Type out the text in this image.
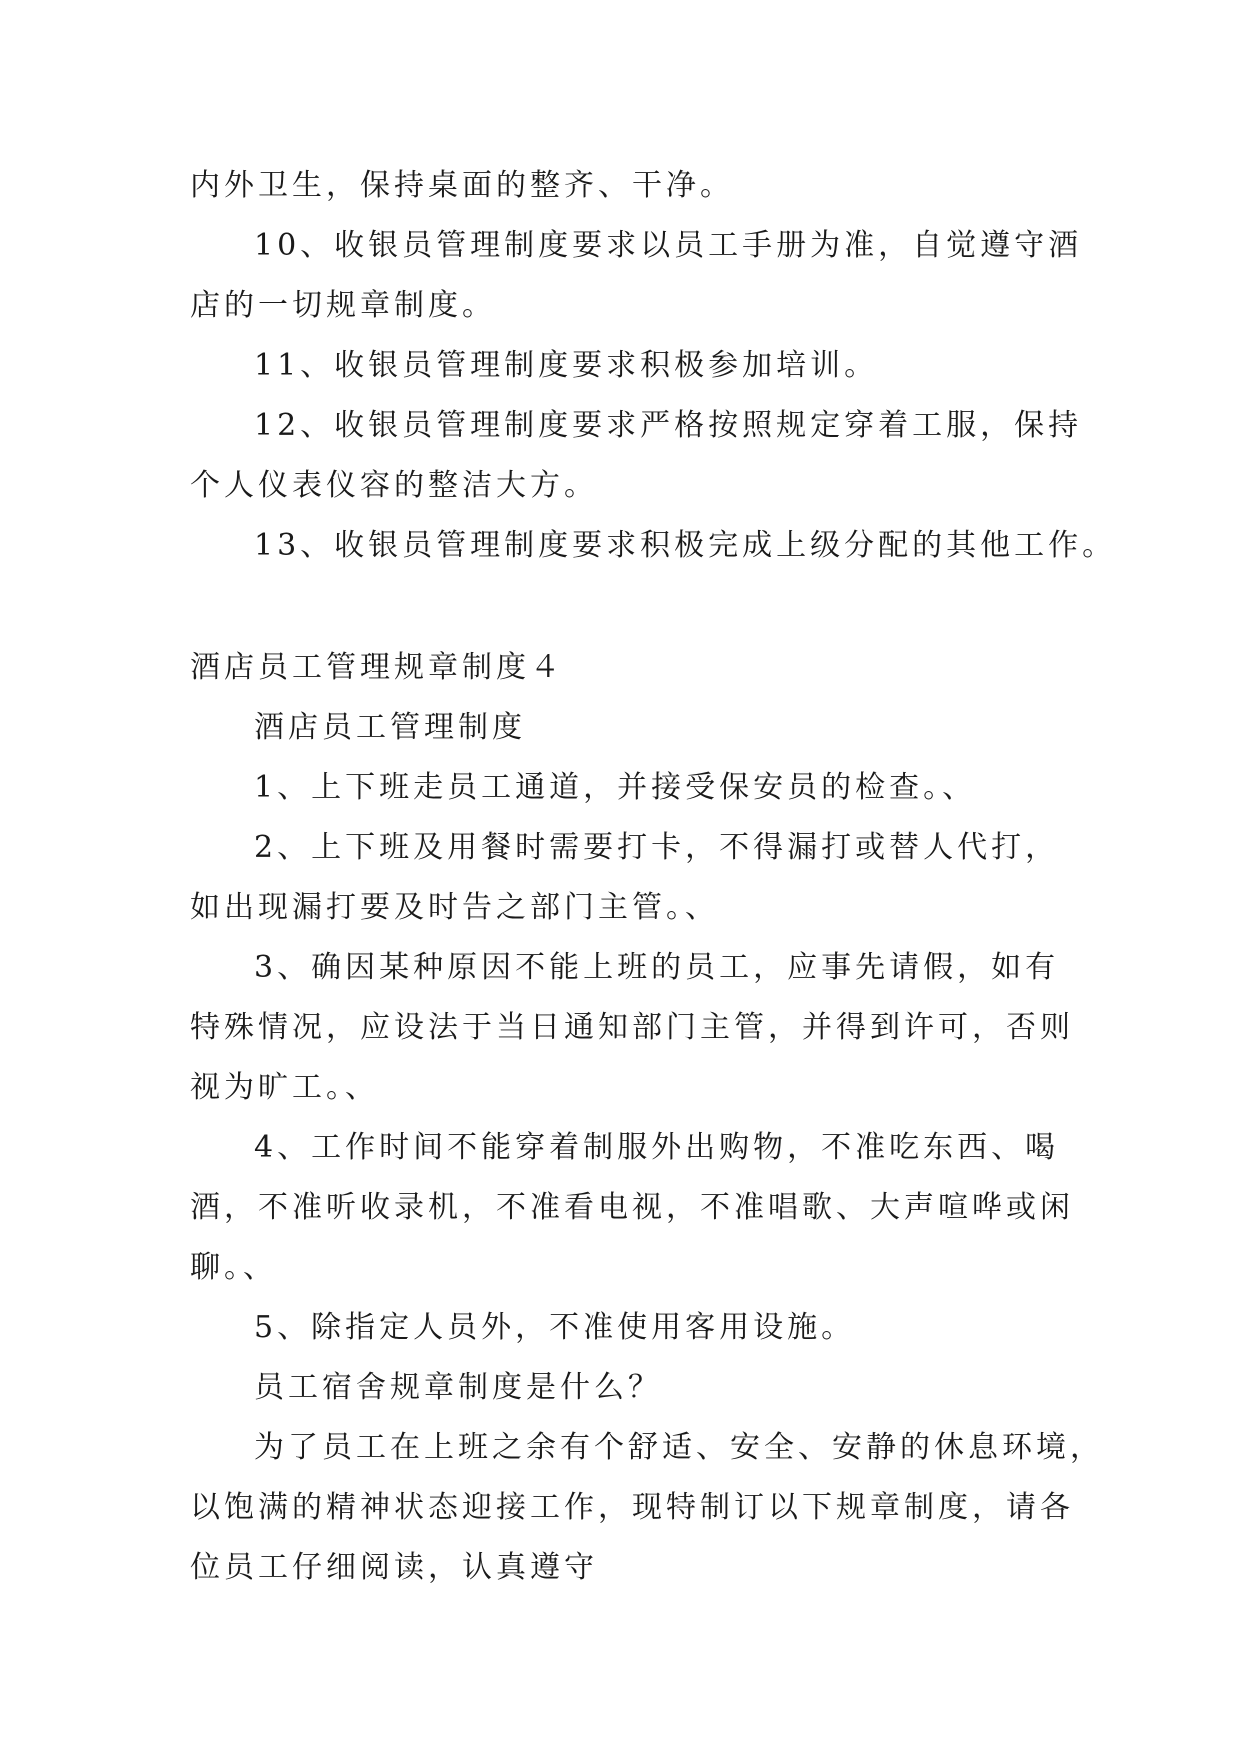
内外卫生，保持桌面的整齐、干净。
10、收银员管理制度要求以员工手册为准，自觉遵守酒
店的一切规章制度。
11、收银员管理制度要求积极参加培训。
12、收银员管理制度要求严格按照规定穿着工服，保持
个人仪表仪容的整洁大方。
13、收银员管理制度要求积极完成上级分配的其他工作。
酒店员工管理规章制度４
酒店员工管理制度
1、上下班走员工通道，并接受保安员的检查。、
2、上下班及用餐时需要打卡，不得漏打或替人代打，
如出现漏打要及时告之部门主管。、
3、确因某种原因不能上班的员工，应事先请假，如有
特殊情况，应设法于当日通知部门主管，并得到许可，否则
视为旷工。、
4、工作时间不能穿着制服外出购物，不准吃东西、喝
酒，不准听收录机，不准看电视，不准唱歌、大声喧哗或闲
聊。、
5、除指定人员外，不准使用客用设施。
员工宿舍规章制度是什么？
为了员工在上班之余有个舒适、安全、安静的休息环境，
以饱满的精神状态迎接工作，现特制订以下规章制度，请各
位员工仔细阅读，认真遵守
